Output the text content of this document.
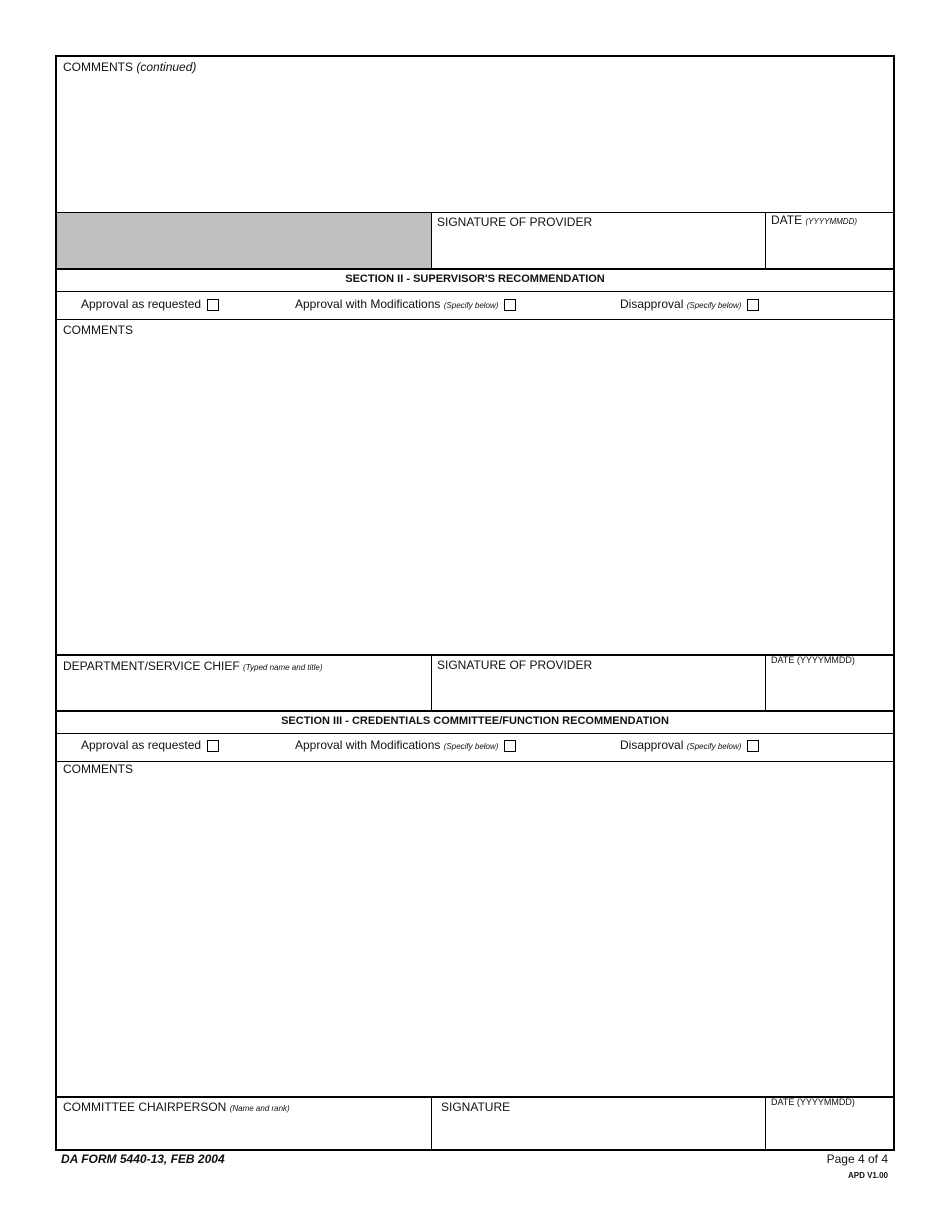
COMMENTS (continued)
SIGNATURE OF PROVIDER	DATE (YYYYMMDD)
SECTION II - SUPERVISOR'S RECOMMENDATION
Approval as requested	Approval with Modifications (Specify below)	Disapproval (Specify below)
COMMENTS
DEPARTMENT/SERVICE CHIEF (Typed name and title)	SIGNATURE OF PROVIDER	DATE (YYYYMMDD)
SECTION III - CREDENTIALS COMMITTEE/FUNCTION RECOMMENDATION
Approval as requested	Approval with Modifications (Specify below)	Disapproval (Specify below)
COMMENTS
COMMITTEE CHAIRPERSON (Name and rank)	SIGNATURE	DATE (YYYYMMDD)
DA FORM 5440-13, FEB 2004	Page 4 of 4
APD V1.00
